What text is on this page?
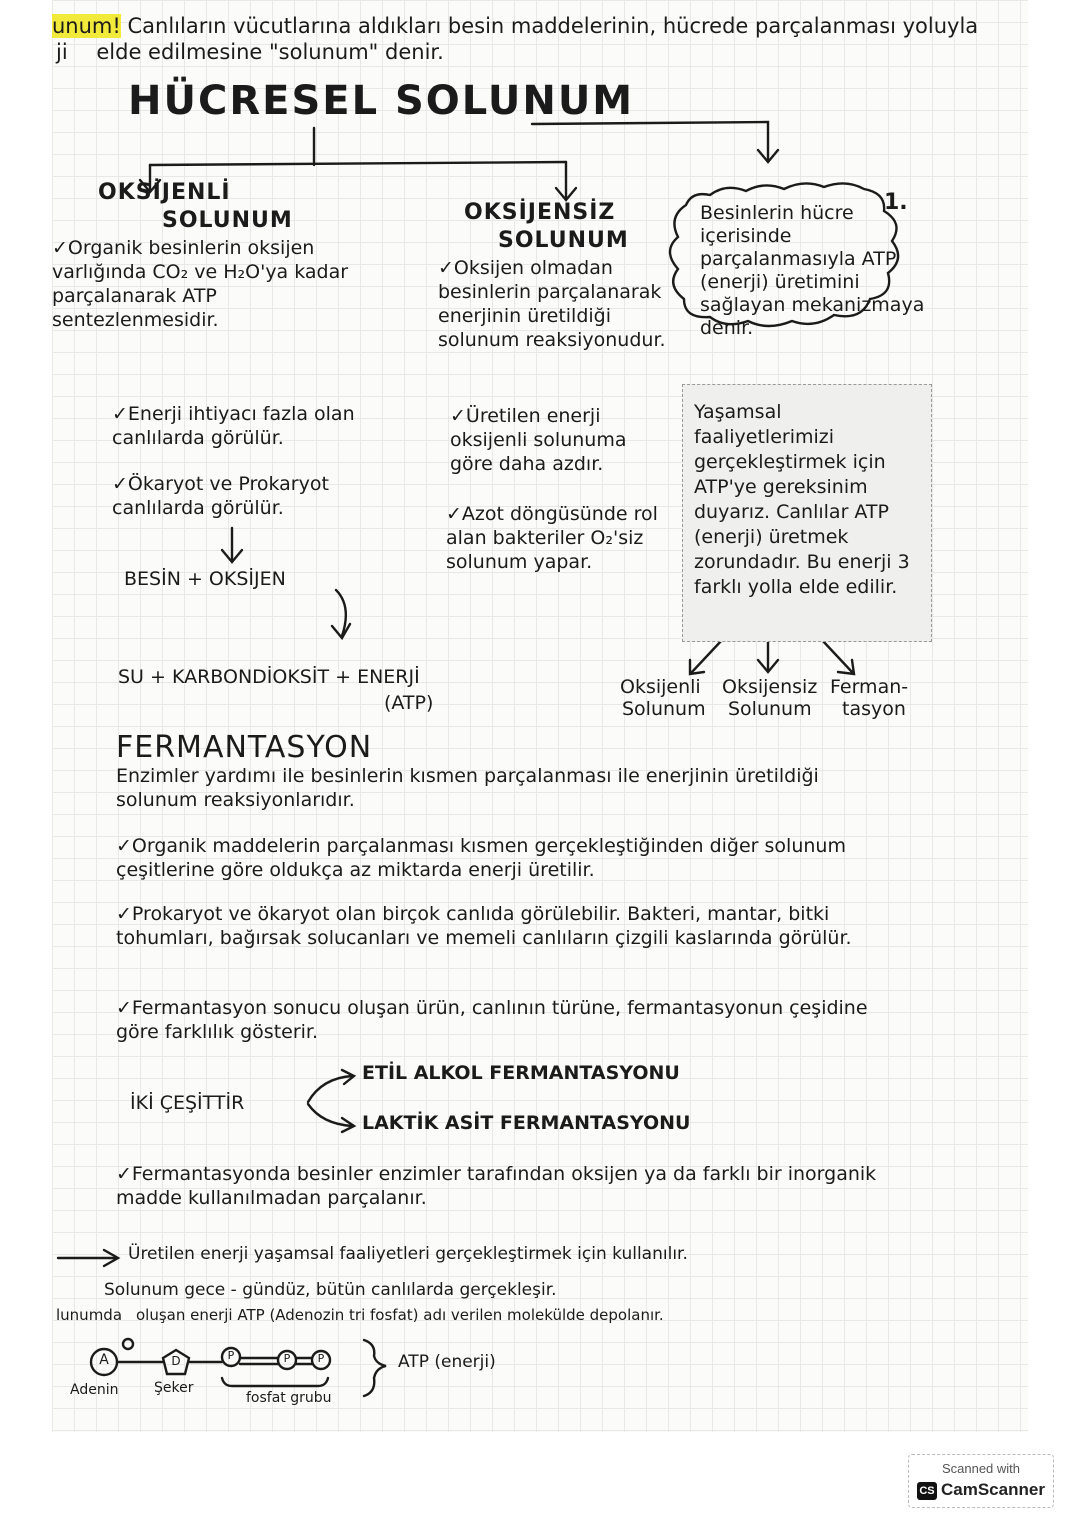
unum! Canlıların vücutlarına aldıkları besin maddelerinin, hücrede parçalanması yoluyla
ji elde edilmesine "solunum" denir.
HÜCRESEL SOLUNUM
OKSİJENLİ
SOLUNUM
✓Organik besinlerin oksijen varlığında CO₂ ve H₂O'ya kadar parçalanarak ATP sentezlenmesidir.
✓Enerji ihtiyacı fazla olan canlılarda görülür.
✓Ökaryot ve Prokaryot canlılarda görülür.
BESİN + OKSİJEN
SU + KARBONDİOKSİT + ENERJİ
(ATP)
OKSİJENSİZ
SOLUNUM
✓Oksijen olmadan besinlerin parçalanarak enerjinin üretildiği solunum reaksiyonudur.
✓Üretilen enerji oksijenli solunuma göre daha azdır.
✓Azot döngüsünde rol alan bakteriler O₂'siz solunum yapar.
Besinlerin hücre içerisinde parçalanmasıyla ATP (enerji) üretimini sağlayan mekanizmaya denir.
1.
Yaşamsal faaliyetlerimizi gerçekleştirmek için ATP'ye gereksinim duyarız. Canlılar ATP (enerji) üretmek zorundadır. Bu enerji 3 farklı yolla elde edilir.
Oksijenli
Solunum
Oksijensiz
Solunum
Ferman-
tasyon
FERMANTASYON
Enzimler yardımı ile besinlerin kısmen parçalanması ile enerjinin üretildiği solunum reaksiyonlarıdır.
✓Organik maddelerin parçalanması kısmen gerçekleştiğinden diğer solunum çeşitlerine göre oldukça az miktarda enerji üretilir.
✓Prokaryot ve ökaryot olan birçok canlıda görülebilir. Bakteri, mantar, bitki tohumları, bağırsak solucanları ve memeli canlıların çizgili kaslarında görülür.
✓Fermantasyon sonucu oluşan ürün, canlının türüne, fermantasyonun çeşidine göre farklılık gösterir.
İKİ ÇEŞİTTİR
ETİL ALKOL FERMANTASYONU
LAKTİK ASİT FERMANTASYONU
✓Fermantasyonda besinler enzimler tarafından oksijen ya da farklı bir inorganik madde kullanılmadan parçalanır.
Üretilen enerji yaşamsal faaliyetleri gerçekleştirmek için kullanılır.
Solunum gece - gündüz, bütün canlılarda gerçekleşir.
lunumda oluşan enerji ATP (Adenozin tri fosfat) adı verilen molekülde depolanır.
A	D	P	P P
Adenin	Şeker
fosfat grubu
ATP (enerji)
Scanned with
CS CamScanner
